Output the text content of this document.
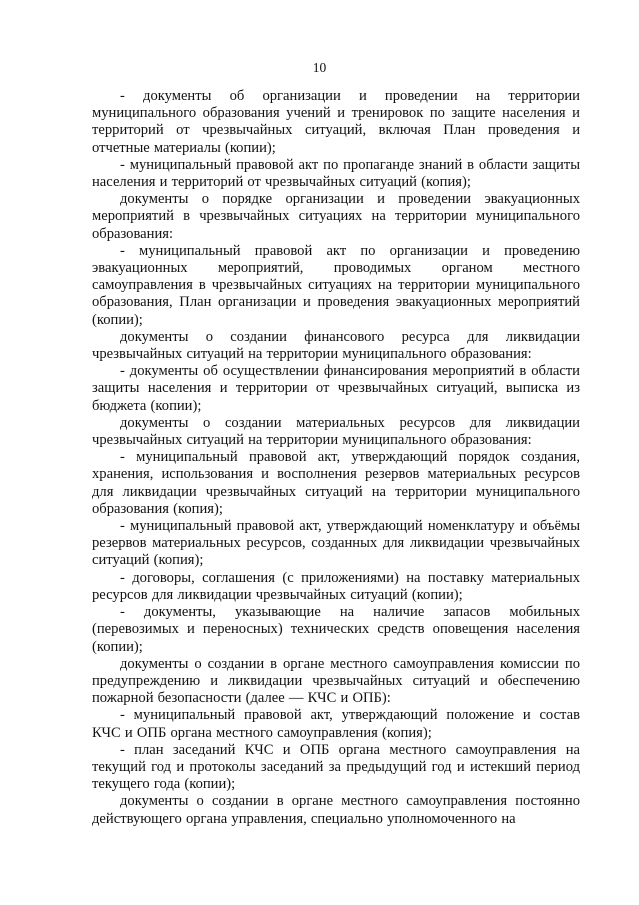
10

- документы об организации и проведении на территории муниципального образования учений и тренировок по защите населения и территорий от чрезвычайных ситуаций, включая План проведения и отчетные материалы (копии);

- муниципальный правовой акт по пропаганде знаний в области защиты населения и территорий от чрезвычайных ситуаций (копия);

документы о порядке организации и проведении эвакуационных мероприятий в чрезвычайных ситуациях на территории муниципального образования:

- муниципальный правовой акт по организации и проведению эвакуационных мероприятий, проводимых органом местного самоуправления в чрезвычайных ситуациях на территории муниципального образования, План организации и проведения эвакуационных мероприятий (копии);

документы о создании финансового ресурса для ликвидации чрезвычайных ситуаций на территории муниципального образования:

- документы об осуществлении финансирования мероприятий в области защиты населения и территории от чрезвычайных ситуаций, выписка из бюджета (копии);

документы о создании материальных ресурсов для ликвидации чрезвычайных ситуаций на территории муниципального образования:

- муниципальный правовой акт, утверждающий порядок создания, хранения, использования и восполнения резервов материальных ресурсов для ликвидации чрезвычайных ситуаций на территории муниципального образования (копия);

- муниципальный правовой акт, утверждающий номенклатуру и объёмы резервов материальных ресурсов, созданных для ликвидации чрезвычайных ситуаций (копия);

- договоры, соглашения (с приложениями) на поставку материальных ресурсов для ликвидации чрезвычайных ситуаций (копии);

- документы, указывающие на наличие запасов мобильных (перевозимых и переносных) технических средств оповещения населения (копии);

документы о создании в органе местного самоуправления комиссии по предупреждению и ликвидации чрезвычайных ситуаций и обеспечению пожарной безопасности (далее — КЧС и ОПБ):

- муниципальный правовой акт, утверждающий положение и состав КЧС и ОПБ органа местного самоуправления (копия);

- план заседаний КЧС и ОПБ органа местного самоуправления на текущий год и протоколы заседаний за предыдущий год и истекший период текущего года (копии);

документы о создании в органе местного самоуправления постоянно действующего органа управления, специально уполномоченного на
